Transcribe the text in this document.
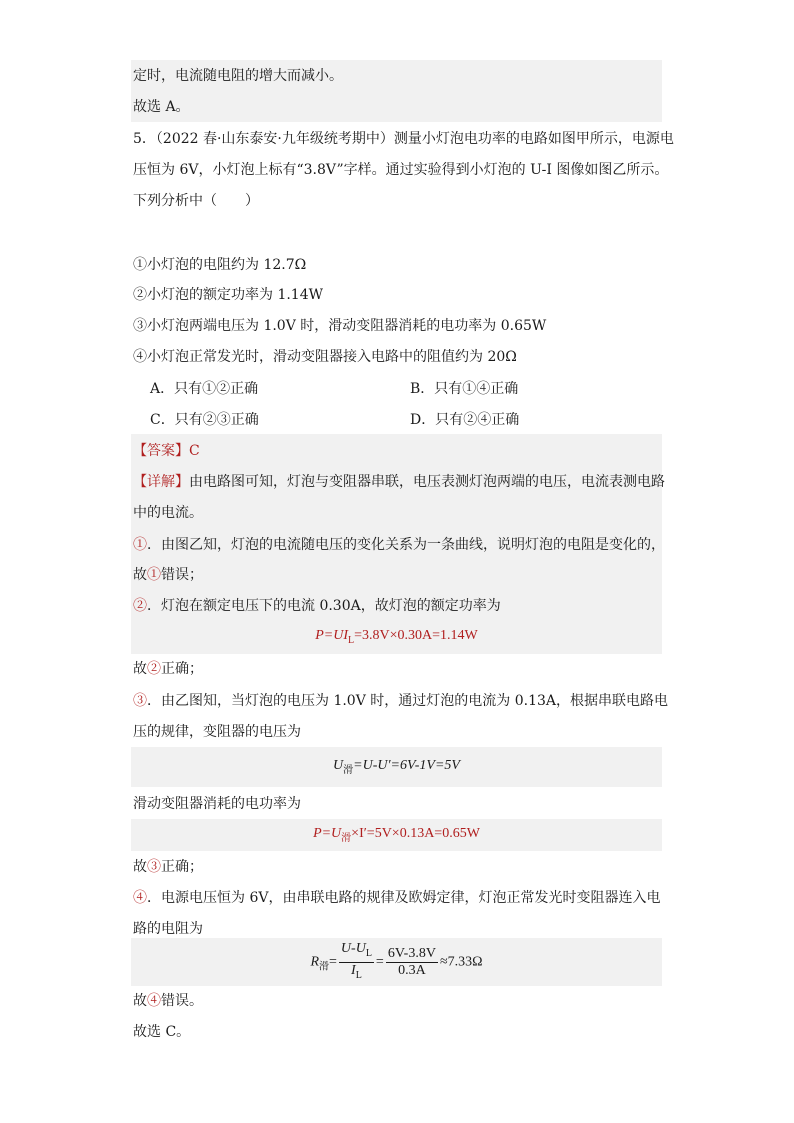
定时，电流随电阻的增大而减小。
故选 A。
5．（2022 春·山东泰安·九年级统考期中）测量小灯泡电功率的电路如图甲所示，电源电
压恒为 6V，小灯泡上标有“3.8V”字样。通过实验得到小灯泡的 U-I 图像如图乙所示。
下列分析中（　　）
①小灯泡的电阻约为 12.7Ω
②小灯泡的额定功率为 1.14W
③小灯泡两端电压为 1.0V 时，滑动变阻器消耗的电功率为 0.65W
④小灯泡正常发光时，滑动变阻器接入电路中的阻值约为 20Ω
A．只有①②正确	B．只有①④正确
C．只有②③正确	D．只有②④正确
【答案】C
【详解】由电路图可知，灯泡与变阻器串联，电压表测灯泡两端的电压，电流表测电路
中的电流。
①．由图乙知，灯泡的电流随电压的变化关系为一条曲线，说明灯泡的电阻是变化的，
故①错误；
②．灯泡在额定电压下的电流 0.30A，故灯泡的额定功率为
$P=UI_L=3.8V\times 0.30A=1.14W$
故②正确；
③．由乙图知，当灯泡的电压为 1.0V 时，通过灯泡的电流为 0.13A，根据串联电路电
压的规律，变阻器的电压为
$U_滑=U-U'=6V-1V=5V$
滑动变阻器消耗的电功率为
$P=U_滑\times I'=5V\times 0.13A=0.65W$
故③正确；
④．电源电压恒为 6V，由串联电路的规律及欧姆定律，灯泡正常发光时变阻器连入电
路的电阻为
$R_滑= \frac{U-U_L}{I_L} = \frac{6V-3.8V}{0.3A} \approx 7.33\Omega$
故④错误。
故选 C。
